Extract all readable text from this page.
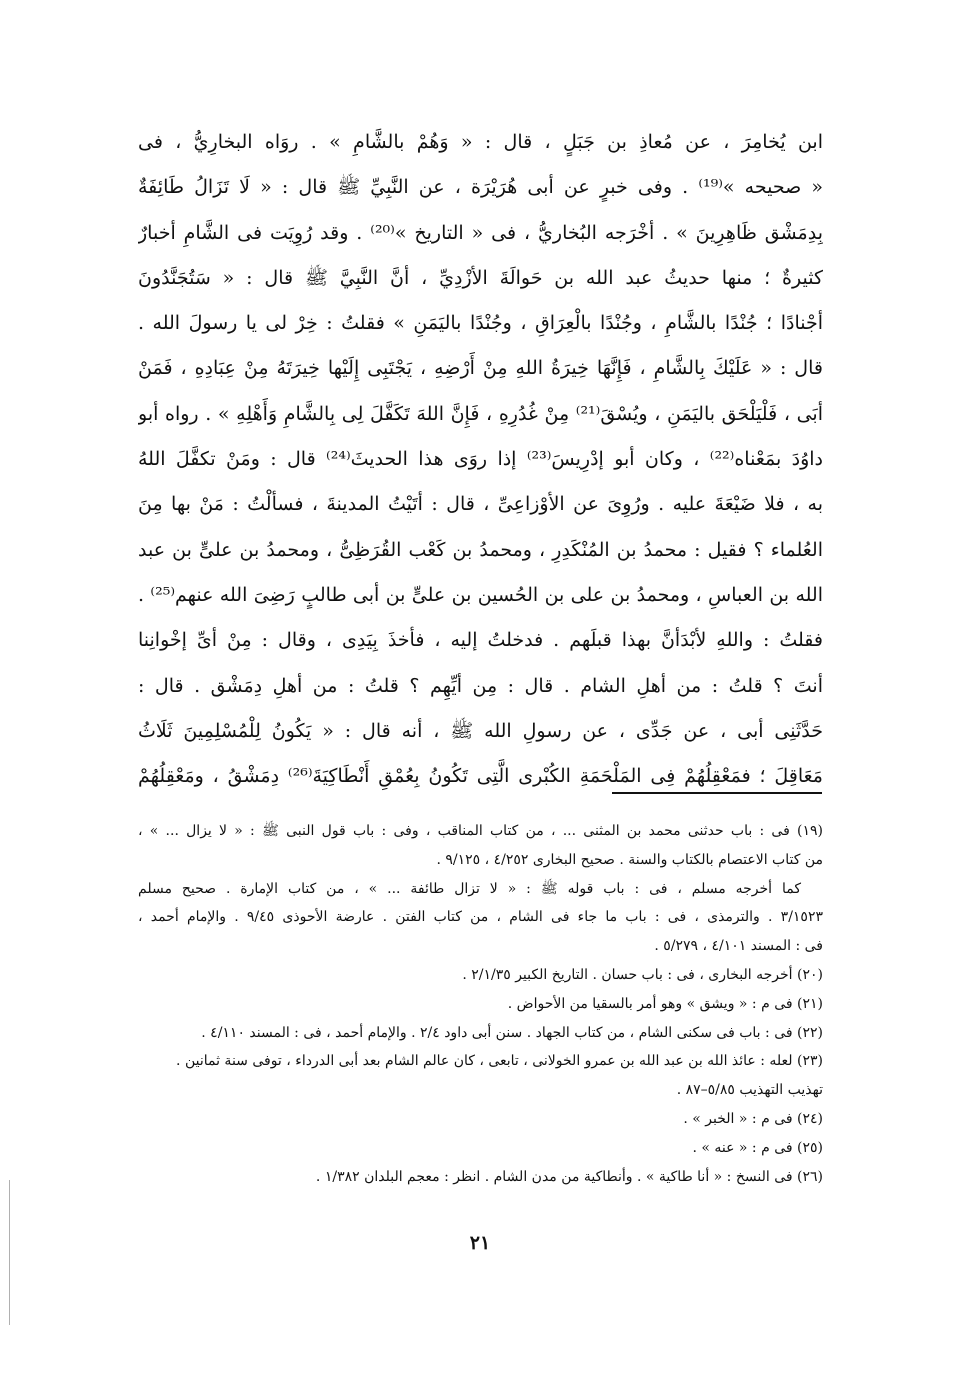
ابن يُخامِرَ ، عن مُعاذِ بن جَبَلٍ ، قال : « وَهُمْ بالشَّامِ » . روَاه البخارِيُّ ، فى
« صحيحه »⁽¹⁹⁾ . وفى خبرٍ عن أبى هُرَيْرَة ، عن النَّبِيِّ ﷺ قال : « لَا تَزَالُ طَائِفَةٌ
بِدِمَشْق ظَاهِرِينَ » . أخْرَجه البُخاريُّ ، فى « التاريخ »⁽²⁰⁾ . وقد رُوِيَت فى الشَّامِ أخبارٌ
كثيرةٌ ؛ منها حديثُ عبد الله بن حَوالَةَ الأزْدِيِّ ، أنَّ النَّبِيَّ ﷺ قال : « سَتُجَنَّدُونَ
أجْنادًا ؛ جُنْدًا بالشَّامِ ، وجُنْدًا بالْعِرَاقِ ، وجُنْدًا باليَمَنِ » فقلتُ : خِرْ لى يا رسولَ الله .
قال : « عَلَيْكَ بِالشَّامِ ، فَإِنَّهَا خِيرَةُ اللهِ مِنْ أَرْضِهِ ، يَجْتَبِى إِلَيْها خِيرَتَهُ مِنْ عِبَادِهِ ، فَمَنْ
أبَى ، فَلْيَلْحَق باليَمَنِ ، ويُسْقَ⁽²¹⁾ مِنْ غُدُرِهِ ، فَإِنَّ اللهَ تَكَفَّلَ لِى بِالشَّامِ وَأَهْلِهِ » . رواه أبو
داوُدَ بمَعْناه⁽²²⁾ ، وكان أبو إدْرِيسَ⁽²³⁾ إذا روَى هذا الحديثَ⁽²⁴⁾ قال : ومَنْ تكفَّلَ اللهُ
به ، فلا ضَيْعَةَ عليه . ورُوِىَ عن الأوْزاعِىِّ ، قال : أتَيْتُ المدينةَ ، فسألْتُ : مَنْ بها مِنَ
العُلماء ؟ فقيل : محمدُ بن المُنْكَدِرِ ، ومحمدُ بن كَعْب القُرَظِىُّ ، ومحمدُ بن علىٍّ بن عبد
الله بن العباسِ ، ومحمدُ بن على بن الحُسين بن علىٍّ بن أبى طالبٍ رَضِىَ الله عنهم⁽²⁵⁾ .
فقلتُ : واللهِ لأبْدَأنَّ بهذا قبلَهم . فدخلتُ إليه ، فأخذَ بِيَدِى ، وقال : مِنْ أىِّ إخْوانِنا
أنتَ ؟ قلتُ : من أهلِ الشام . قال : مِن أيِّهِم ؟ قلتُ : من أهلِ دِمَشْق . قال :
حَدَّثَنِى أبى ، عن جَدِّى ، عن رسولِ الله ﷺ ، أنه قال : « يَكُونُ لِلْمُسْلِمِينَ ثَلَاثُ
مَعَاقِلَ ؛ فمَعْقِلُهُمْ فِى المَلْحَمَةِ الكُبْرى الَّتِى تَكُونُ بِعُمْقِ أَنْطَاكِيَةَ⁽²⁶⁾ دِمَشْقُ ، ومَعْقِلُهُمْ
(١٩) فى : باب حدثنى محمد بن المثنى ... ، من كتاب المناقب ، وفى : باب قول النبى ﷺ : « لا يزال ... » ،
من كتاب الاعتصام بالكتاب والسنة . صحيح البخارى ٤/٢٥٢ ، ٩/١٢٥ .
كما أخرجه مسلم ، فى : باب قوله ﷺ : « لا تزال طائفة ... » ، من كتاب الإمارة . صحيح مسلم
٣/١٥٢٣ . والترمذى ، فى : باب ما جاء فى الشام ، من كتاب الفتن . عارضة الأحوذى ٩/٤٥ . والإمام أحمد ،
فى : المسند ٤/١٠١ ، ٥/٢٧٩ .
(٢٠) أخرجه البخارى ، فى : باب حسان . التاريخ الكبير ٢/١/٣٥ .
(٢١) فى م : « ويشق » وهو أمر بالسقيا من الأحواض .
(٢٢) فى : باب فى سكنى الشام ، من كتاب الجهاد . سنن أبى داود ٢/٤ . والإمام أحمد ، فى : المسند ٤/١١٠ .
(٢٣) لعله : عائذ الله بن عبد الله بن عمرو الخولانى ، تابعى ، كان عالم الشام بعد أبى الدرداء ، توفى سنة ثمانين .
تهذيب التهذيب ٥/٨٥–٨٧ .
(٢٤) فى م : « الخبر » .
(٢٥) فى م : « عنه » .
(٢٦) فى النسخ : « أنا طاكية » . وأنطاكية من مدن الشام . انظر : معجم البلدان ١/٣٨٢ .
٢١
